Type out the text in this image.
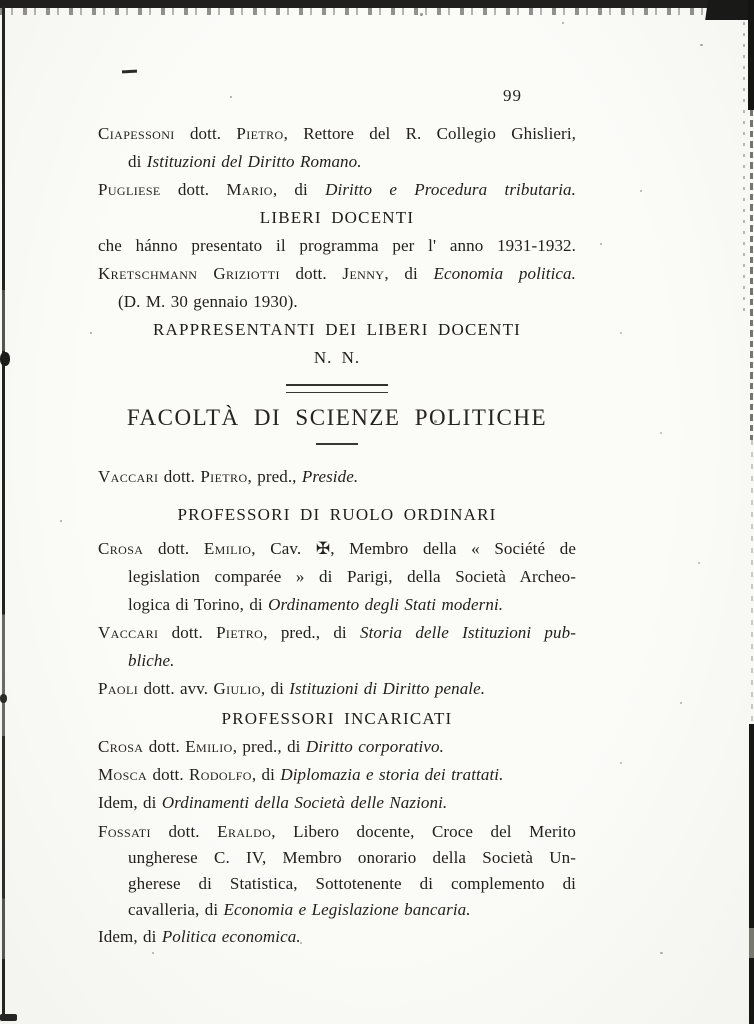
99
Ciapessoni dott. Pietro, Rettore del R. Collegio Ghislieri,
di Istituzioni del Diritto Romano.
Pugliese dott. Mario, di Diritto e Procedura tributaria.
LIBERI DOCENTI
che hánno presentato il programma per l' anno 1931-1932.
Kretschmann Griziotti dott. Jenny, di Economia politica.
(D. M. 30 gennaio 1930).
RAPPRESENTANTI DEI LIBERI DOCENTI
N. N.
FACOLTÀ DI SCIENZE POLITICHE
Vaccari dott. Pietro, pred., Preside.
PROFESSORI DI RUOLO ORDINARI
Crosa dott. Emilio, Cav. ✠, Membro della « Société de
legislation comparée » di Parigi, della Società Archeo-
logica di Torino, di Ordinamento degli Stati moderni.
Vaccari dott. Pietro, pred., di Storia delle Istituzioni pub-
bliche.
Paoli dott. avv. Giulio, di Istituzioni di Diritto penale.
PROFESSORI INCARICATI
Crosa dott. Emilio, pred., di Diritto corporativo.
Mosca dott. Rodolfo, di Diplomazia e storia dei trattati.
Idem, di Ordinamenti della Società delle Nazioni.
Fossati dott. Eraldo, Libero docente, Croce del Merito
ungherese C. IV, Membro onorario della Società Un-
gherese di Statistica, Sottotenente di complemento di
cavalleria, di Economia e Legislazione bancaria.
Idem, di Politica economica.
